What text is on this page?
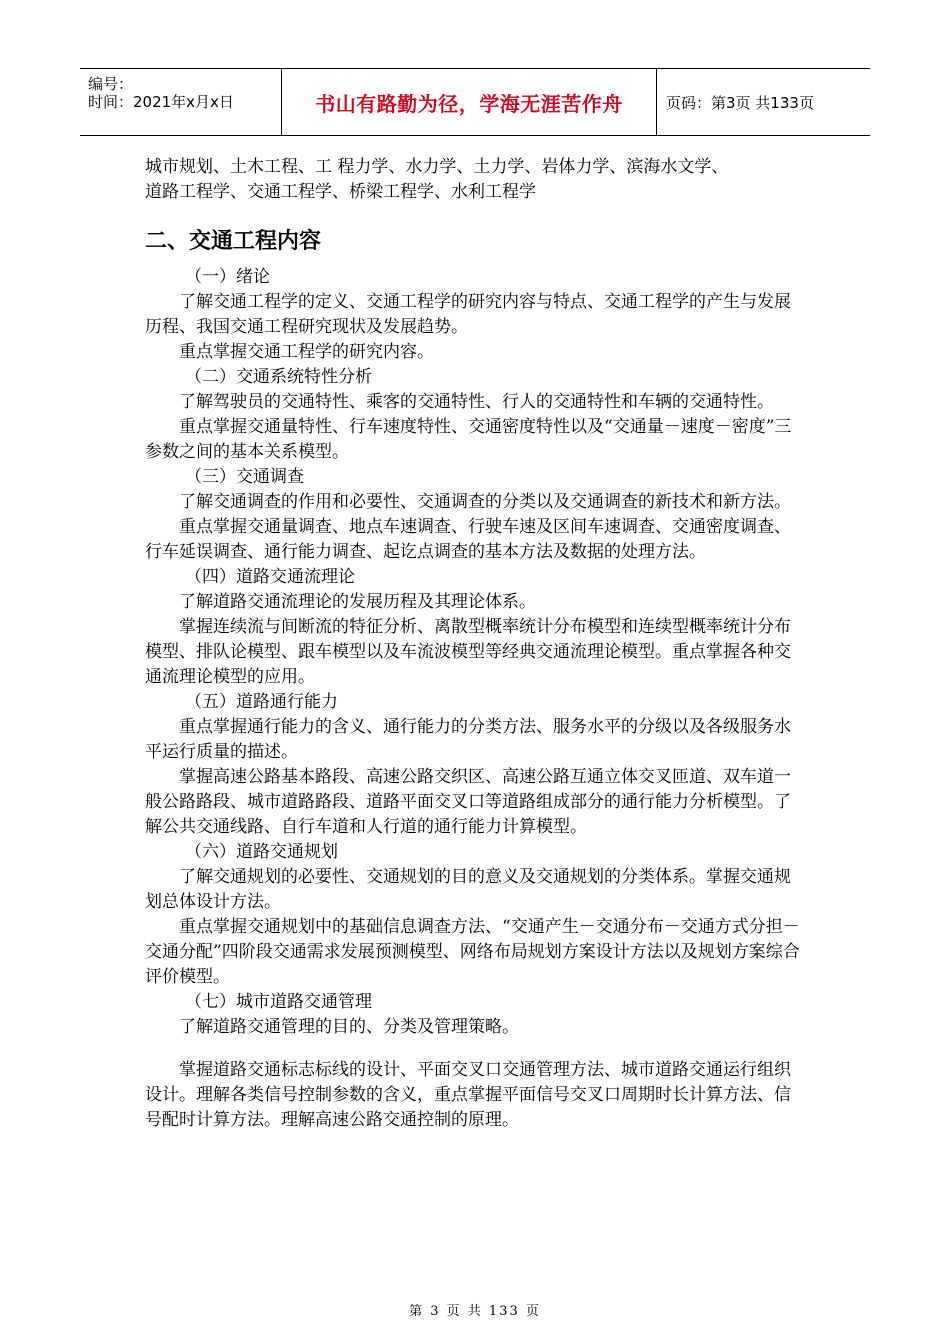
编号：
时间：2021年x月x日	书山有路勤为径，学海无涯苦作舟	页码：第3页 共133页

城市规划、土木工程、工 程力学、水力学、土力学、岩体力学、滨海水文学、

道路工程学、交通工程学、桥梁工程学、水利工程学

二、交通工程内容

（一）绪论

了解交通工程学的定义、交通工程学的研究内容与特点、交通工程学的产生与发展历程、我国交通工程研究现状及发展趋势。

重点掌握交通工程学的研究内容。

（二）交通系统特性分析

了解驾驶员的交通特性、乘客的交通特性、行人的交通特性和车辆的交通特性。

重点掌握交通量特性、行车速度特性、交通密度特性以及“交通量－速度－密度”三参数之间的基本关系模型。

（三）交通调查

了解交通调查的作用和必要性、交通调查的分类以及交通调查的新技术和新方法。

重点掌握交通量调查、地点车速调查、行驶车速及区间车速调查、交通密度调查、行车延误调查、通行能力调查、起讫点调查的基本方法及数据的处理方法。

（四）道路交通流理论

了解道路交通流理论的发展历程及其理论体系。

掌握连续流与间断流的特征分析、离散型概率统计分布模型和连续型概率统计分布模型、排队论模型、跟车模型以及车流波模型等经典交通流理论模型。重点掌握各种交通流理论模型的应用。

（五）道路通行能力

重点掌握通行能力的含义、通行能力的分类方法、服务水平的分级以及各级服务水平运行质量的描述。

掌握高速公路基本路段、高速公路交织区、高速公路互通立体交叉匝道、双车道一般公路路段、城市道路路段、道路平面交叉口等道路组成部分的通行能力分析模型。了解公共交通线路、自行车道和人行道的通行能力计算模型。

（六）道路交通规划

了解交通规划的必要性、交通规划的目的意义及交通规划的分类体系。掌握交通规划总体设计方法。

重点掌握交通规划中的基础信息调查方法、“交通产生－交通分布－交通方式分担－交通分配”四阶段交通需求发展预测模型、网络布局规划方案设计方法以及规划方案综合评价模型。

（七）城市道路交通管理

了解道路交通管理的目的、分类及管理策略。

掌握道路交通标志标线的设计、平面交叉口交通管理方法、城市道路交通运行组织设计。理解各类信号控制参数的含义，重点掌握平面信号交叉口周期时长计算方法、信号配时计算方法。理解高速公路交通控制的原理。

第 3 页 共 133 页
